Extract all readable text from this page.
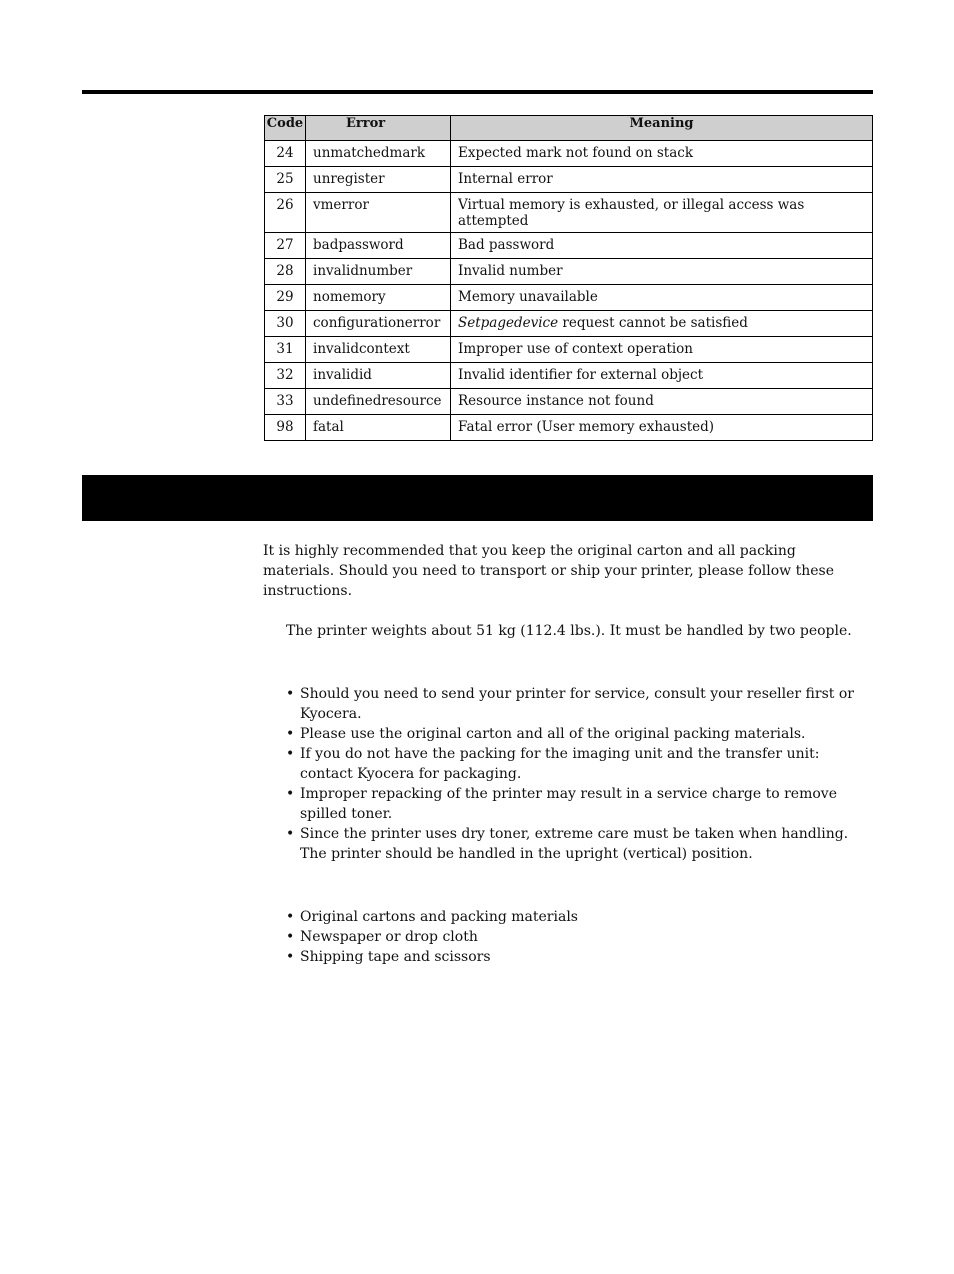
Code	Error	Meaning
24	unmatchedmark	Expected mark not found on stack
25	unregister	Internal error
26	vmerror	Virtual memory is exhausted, or illegal access was attempted
27	badpassword	Bad password
28	invalidnumber	Invalid number
29	nomemory	Memory unavailable
30	configurationerror	Setpagedevice request cannot be satisfied
31	invalidcontext	Improper use of context operation
32	invalidid	Invalid identifier for external object
33	undefinedresource	Resource instance not found
98	fatal	Fatal error (User memory exhausted)
It is highly recommended that you keep the original carton and all packing materials. Should you need to transport or ship your printer, please follow these instructions.
The printer weights about 51 kg (112.4 lbs.). It must be handled by two people.
• Should you need to send your printer for service, consult your reseller first or Kyocera.
• Please use the original carton and all of the original packing materials.
• If you do not have the packing for the imaging unit and the transfer unit: contact Kyocera for packaging.
• Improper repacking of the printer may result in a service charge to remove spilled toner.
• Since the printer uses dry toner, extreme care must be taken when handling. The printer should be handled in the upright (vertical) position.
• Original cartons and packing materials
• Newspaper or drop cloth
• Shipping tape and scissors
